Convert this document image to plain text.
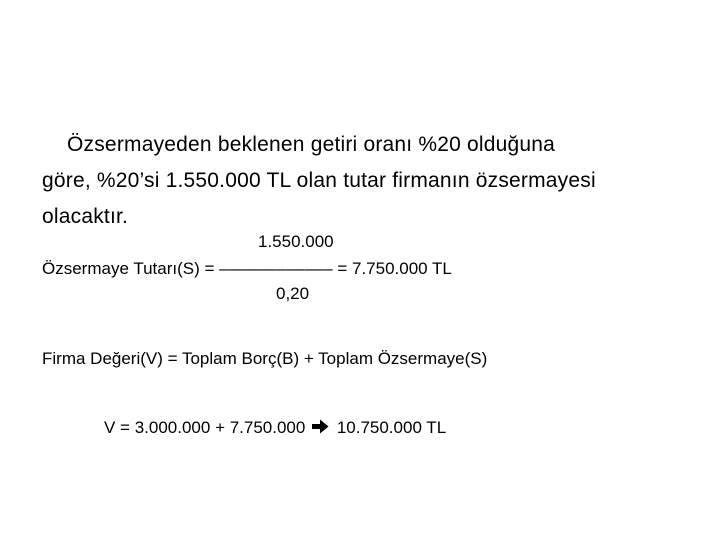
Özsermayeden beklenen getiri oranı %20 olduğuna
göre, %20’si 1.550.000 TL olan tutar firmanın özsermayesi
olacaktır.
1.550.000
Özsermaye Tutarı(S) = –––––––––––– = 7.750.000 TL
0,20
Firma Değeri(V) = Toplam Borç(B) + Toplam Özsermaye(S)
V = 3.000.000 + 7.750.000 10.750.000 TL
